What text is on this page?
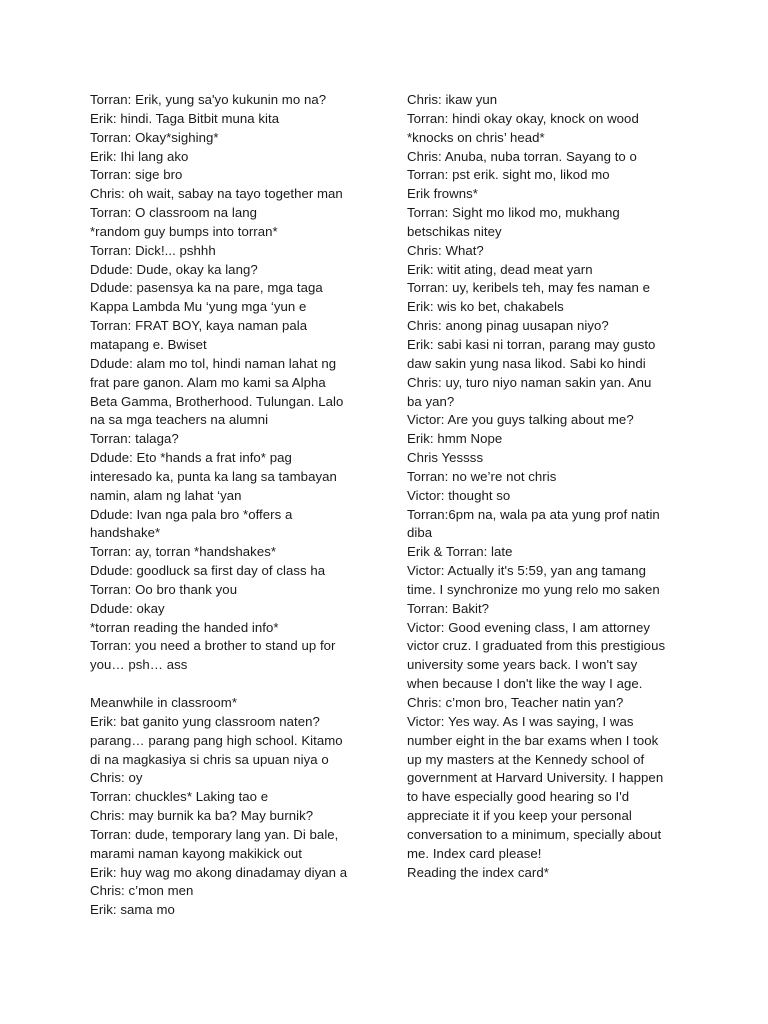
Torran: Erik, yung sa'yo kukunin mo na?
Erik: hindi. Taga Bitbit muna kita
Torran: Okay*sighing*
Erik: Ihi lang ako
Torran: sige bro
Chris: oh wait, sabay na tayo together man
Torran: O classroom na lang
*random guy bumps into torran*
Torran: Dick!... pshhh
Ddude: Dude, okay ka lang?
Ddude: pasensya ka na pare, mga taga
Kappa Lambda Mu ‘yung mga ‘yun e
Torran: FRAT BOY, kaya naman pala
matapang e. Bwiset
Ddude: alam mo tol, hindi naman lahat ng
frat pare ganon. Alam mo kami sa Alpha
Beta Gamma, Brotherhood. Tulungan. Lalo
na sa mga teachers na alumni
Torran: talaga?
Ddude: Eto *hands a frat info* pag
interesado ka, punta ka lang sa tambayan
namin, alam ng lahat ‘yan
Ddude: Ivan nga pala bro *offers a
handshake*
Torran: ay, torran *handshakes*
Ddude: goodluck sa first day of class ha
Torran: Oo bro thank you
Ddude: okay
*torran reading the handed info*
Torran: you need a brother to stand up for
you… psh… ass
Meanwhile in classroom*
Erik: bat ganito yung classroom naten?
parang… parang pang high school. Kitamo
di na magkasiya si chris sa upuan niya o
Chris: oy
Torran: chuckles* Laking tao e
Chris: may burnik ka ba? May burnik?
Torran: dude, temporary lang yan. Di bale,
marami naman kayong makikick out
Erik: huy wag mo akong dinadamay diyan a
Chris: c’mon men
Erik: sama mo
Chris: ikaw yun
Torran: hindi okay okay, knock on wood
*knocks on chris’ head*
Chris: Anuba, nuba torran. Sayang to o
Torran: pst erik. sight mo, likod mo
Erik frowns*
Torran: Sight mo likod mo, mukhang
betschikas nitey
Chris: What?
Erik: witit ating, dead meat yarn
Torran: uy, keribels teh, may fes naman e
Erik: wis ko bet, chakabels
Chris: anong pinag uusapan niyo?
Erik: sabi kasi ni torran, parang may gusto
daw sakin yung nasa likod. Sabi ko hindi
Chris: uy, turo niyo naman sakin yan. Anu
ba yan?
Victor: Are you guys talking about me?
Erik: hmm Nope
Chris Yessss
Torran: no we’re not chris
Victor: thought so
Torran:6pm na, wala pa ata yung prof natin
diba
Erik & Torran: late
Victor: Actually it's 5:59, yan ang tamang
time. I synchronize mo yung relo mo saken
Torran: Bakit?
Victor: Good evening class, I am attorney
victor cruz. I graduated from this prestigious
university some years back. I won't say
when because I don't like the way I age.
Chris: c’mon bro, Teacher natin yan?
Victor: Yes way. As I was saying, I was
number eight in the bar exams when I took
up my masters at the Kennedy school of
government at Harvard University. I happen
to have especially good hearing so I'd
appreciate it if you keep your personal
conversation to a minimum, specially about
me. Index card please!
Reading the index card*
